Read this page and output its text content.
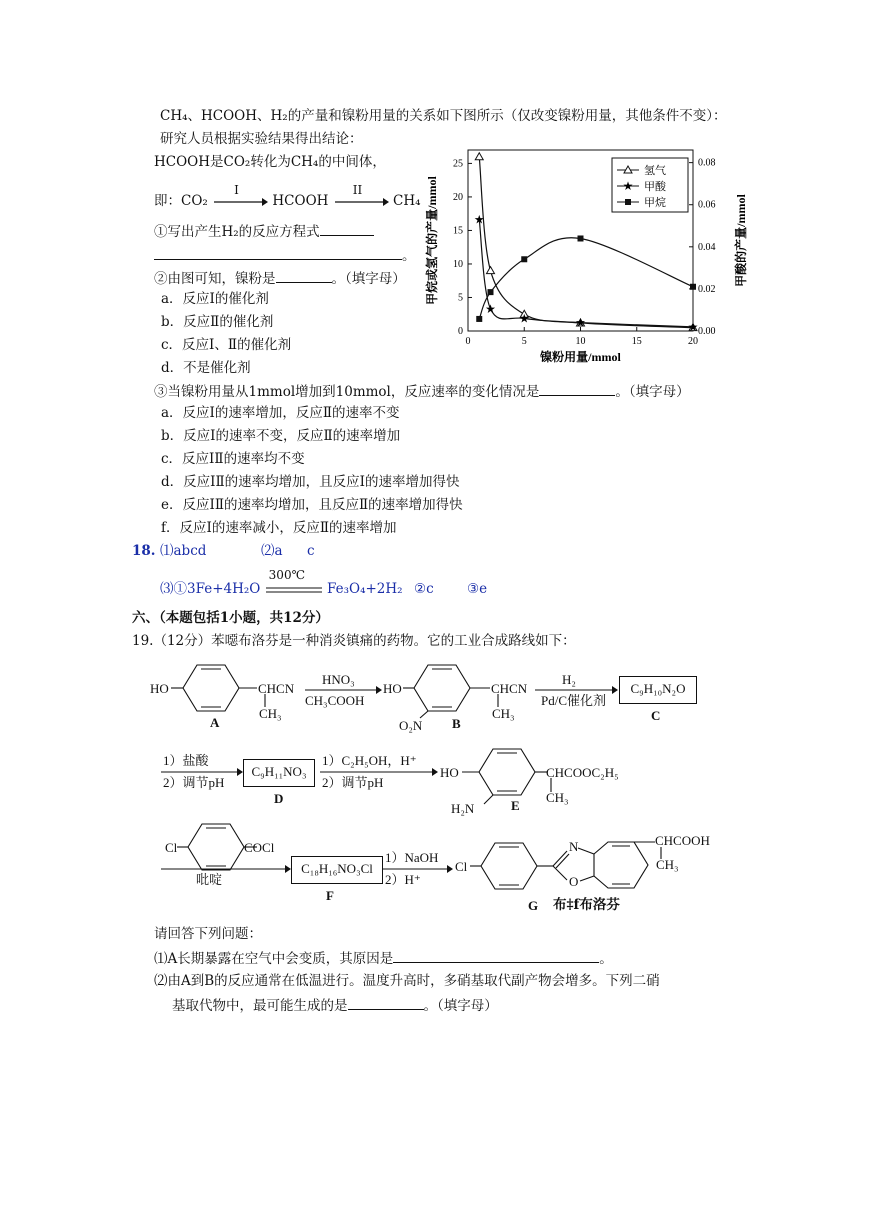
CH₄、HCOOH、H₂的产量和镍粉用量的关系如下图所示（仅改变镍粉用量，其他条件不变）：
研究人员根据实验结果得出结论：
HCOOH是CO₂转化为CH₄的中间体，
即：CO₂
I
HCOOH
II
CH₄
①写出产生H₂的反应方程式
。
②由图可知，镍粉是	。（填字母）
a．反应Ⅰ的催化剂
b．反应Ⅱ的催化剂
c．反应Ⅰ、Ⅱ的催化剂
d．不是催化剂
0	5	10	15	20
0
5
10
15
20
25
0.00
0.02
0.04
0.06
0.08
镍粉用量/mmol
甲烷或氢气的产量/mmol	甲酸的产量/mmol
★
★
★	★	★
氢气
★ 甲酸
甲烷
③当镍粉用量从1mmol增加到10mmol，反应速率的变化情况是	。（填字母）
a．反应Ⅰ的速率增加，反应Ⅱ的速率不变
b．反应Ⅰ的速率不变，反应Ⅱ的速率增加
c．反应ⅠⅡ的速率均不变
d．反应ⅠⅡ的速率均增加，且反应Ⅰ的速率增加得快
e．反应ⅠⅡ的速率均增加，且反应Ⅱ的速率增加得快
f．反应Ⅰ的速率减小，反应Ⅱ的速率增加
18. ⑴abcd	⑵a c
⑶①3Fe+4H₂O
300℃
Fe₃O₄+2H₂ ②c ③e
六、（本题包括1小题，共12分）
19.（12分）苯噁布洛芬是一种消炎镇痛的药物。它的工业合成路线如下：
HO	CHCN
CH₃
A
HNO₃
CH₃COOH
HO	CHCN
CH₃
O₂N B
H₂
Pd/C催化剂
C₉H₁₀N₂O
C
1）盐酸
2）调节pH
C₉H₁₁NO₃
D
1）C₂H₅OH，H⁺
2）调节pH
HO	CHCOOC₂H₅
CH₃
H₂N	E
Cl	COCl
吡啶
C₁₈H₁₆NO₃Cl
F
1）NaOH
2）H⁺
Cl
N
O
CHCOOH
CH₃
G 布‡f布洛芬
请回答下列问题：
⑴A长期暴露在空气中会变质，其原因是	。
⑵由A到B的反应通常在低温进行。温度升高时，多硝基取代副产物会增多。下列二硝
基取代物中，最可能生成的是	。（填字母）
